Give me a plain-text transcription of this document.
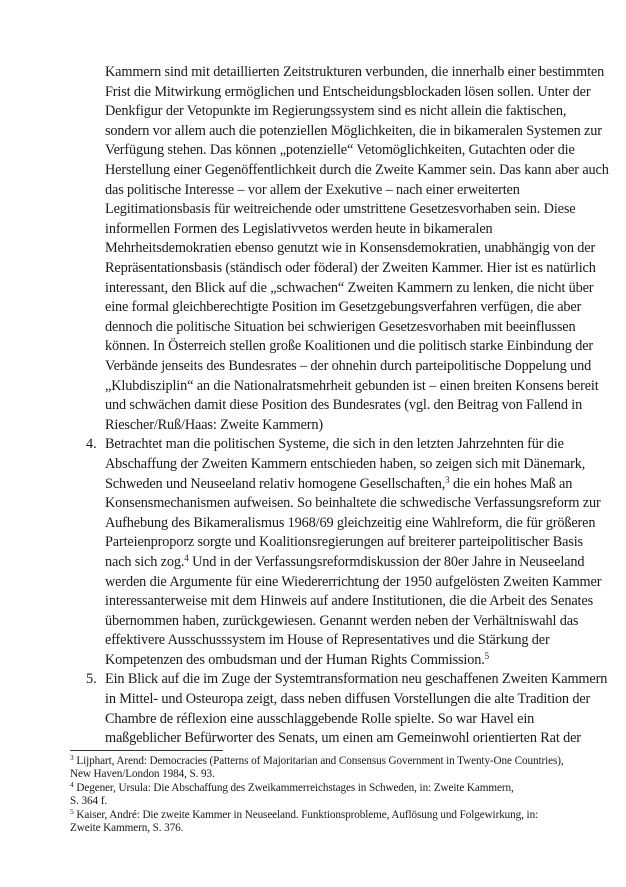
Kammern sind mit detaillierten Zeitstrukturen verbunden, die innerhalb einer bestimmten
Frist die Mitwirkung ermöglichen und Entscheidungsblockaden lösen sollen. Unter der
Denkfigur der Vetopunkte im Regierungssystem sind es nicht allein die faktischen,
sondern vor allem auch die potenziellen Möglichkeiten, die in bikameralen Systemen zur
Verfügung stehen. Das können „potenzielle“ Vetomöglichkeiten, Gutachten oder die
Herstellung einer Gegenöffentlichkeit durch die Zweite Kammer sein. Das kann aber auch
das politische Interesse – vor allem der Exekutive – nach einer erweiterten
Legitimationsbasis für weitreichende oder umstrittene Gesetzesvorhaben sein. Diese
informellen Formen des Legislativvetos werden heute in bikameralen
Mehrheitsdemokratien ebenso genutzt wie in Konsensdemokratien, unabhängig von der
Repräsentationsbasis (ständisch oder föderal) der Zweiten Kammer. Hier ist es natürlich
interessant, den Blick auf die „schwachen“ Zweiten Kammern zu lenken, die nicht über
eine formal gleichberechtigte Position im Gesetzgebungsverfahren verfügen, die aber
dennoch die politische Situation bei schwierigen Gesetzesvorhaben mit beeinflussen
können. In Österreich stellen große Koalitionen und die politisch starke Einbindung der
Verbände jenseits des Bundesrates – der ohnehin durch parteipolitische Doppelung und
„Klubdisziplin“ an die Nationalratsmehrheit gebunden ist – einen breiten Konsens bereit
und schwächen damit diese Position des Bundesrates (vgl. den Beitrag von Fallend in
Riescher/Ruß/Haas: Zweite Kammern)
4. Betrachtet man die politischen Systeme, die sich in den letzten Jahrzehnten für die
Abschaffung der Zweiten Kammern entschieden haben, so zeigen sich mit Dänemark,
Schweden und Neuseeland relativ homogene Gesellschaften,$^3$ die ein hohes Maß an
Konsensmechanismen aufweisen. So beinhaltete die schwedische Verfassungsreform zur
Aufhebung des Bikameralismus 1968/69 gleichzeitig eine Wahlreform, die für größeren
Parteienproporz sorgte und Koalitionsregierungen auf breiterer parteipolitischer Basis
nach sich zog.$^4$ Und in der Verfassungsreformdiskussion der 80er Jahre in Neuseeland
werden die Argumente für eine Wiedererrichtung der 1950 aufgelösten Zweiten Kammer
interessanterweise mit dem Hinweis auf andere Institutionen, die die Arbeit des Senates
übernommen haben, zurückgewiesen. Genannt werden neben der Verhältniswahl das
effektivere Ausschusssystem im House of Representatives und die Stärkung der
Kompetenzen des ombudsman und der Human Rights Commission.$^5$
5. Ein Blick auf die im Zuge der Systemtransformation neu geschaffenen Zweiten Kammern
in Mittel- und Osteuropa zeigt, dass neben diffusen Vorstellungen die alte Tradition der
Chambre de réflexion eine ausschlaggebende Rolle spielte. So war Havel ein
maßgeblicher Befürworter des Senats, um einen am Gemeinwohl orientierten Rat der
$^3$ Lijphart, Arend: Democracies (Patterns of Majoritarian and Consensus Government in Twenty-One Countries),
New Haven/London 1984, S. 93.
$^4$ Degener, Ursula: Die Abschaffung des Zweikammerreichstages in Schweden, in: Zweite Kammern,
S. 364 f.
$^5$ Kaiser, André: Die zweite Kammer in Neuseeland. Funktionsprobleme, Auflösung und Folgewirkung, in:
Zweite Kammern, S. 376.
